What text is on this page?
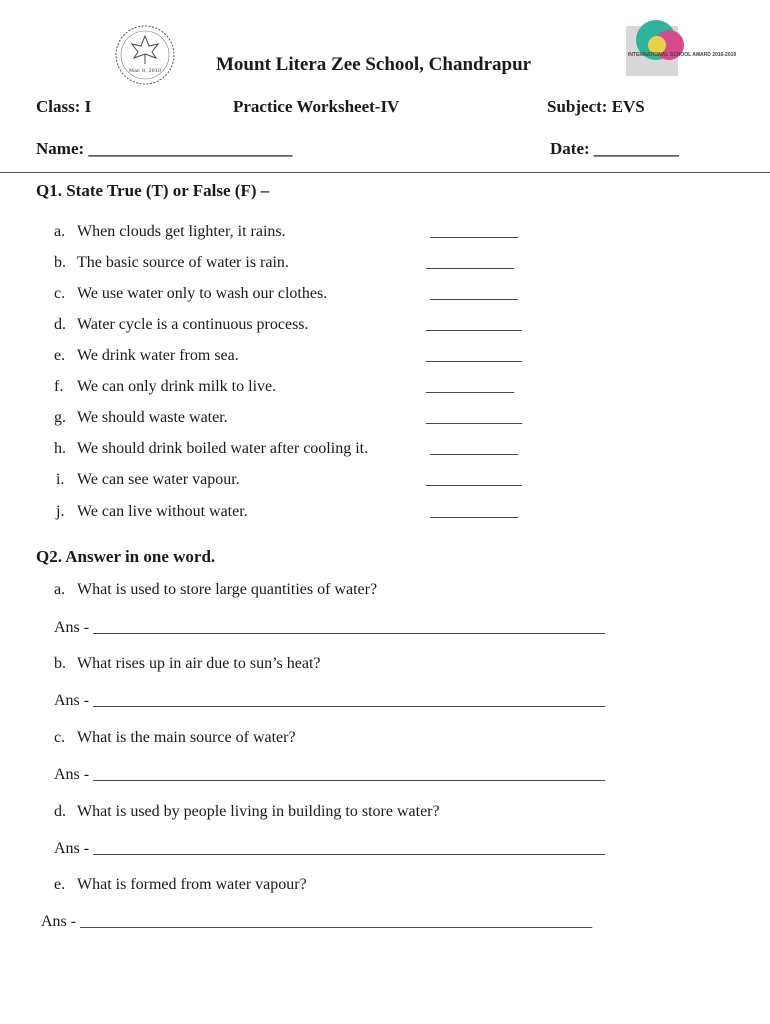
Mar. 8, 2010
INTERNATIONAL SCHOOL AWARD 2016-2019
Mount Litera Zee School, Chandrapur
Class: I	Practice Worksheet-IV	Subject: EVS
Name: ________________________	Date: __________
Q1. State True (T) or False (F) –
a. When clouds get lighter, it rains.	___________
b. The basic source of water is rain.	___________
c. We use water only to wash our clothes.	___________
d. Water cycle is a continuous process.	____________
e. We drink water from sea.	____________
f. We can only drink milk to live.	___________
g. We should waste water.	____________
h. We should drink boiled water after cooling it.	___________
i. We can see water vapour.	____________
j. We can live without water.	___________
Q2. Answer in one word.
a. What is used to store large quantities of water?
Ans - ________________________________________________________________
b. What rises up in air due to sun’s heat?
Ans - ________________________________________________________________
c. What is the main source of water?
Ans - ________________________________________________________________
d. What is used by people living in building to store water?
Ans - ________________________________________________________________
e. What is formed from water vapour?
Ans - ________________________________________________________________
